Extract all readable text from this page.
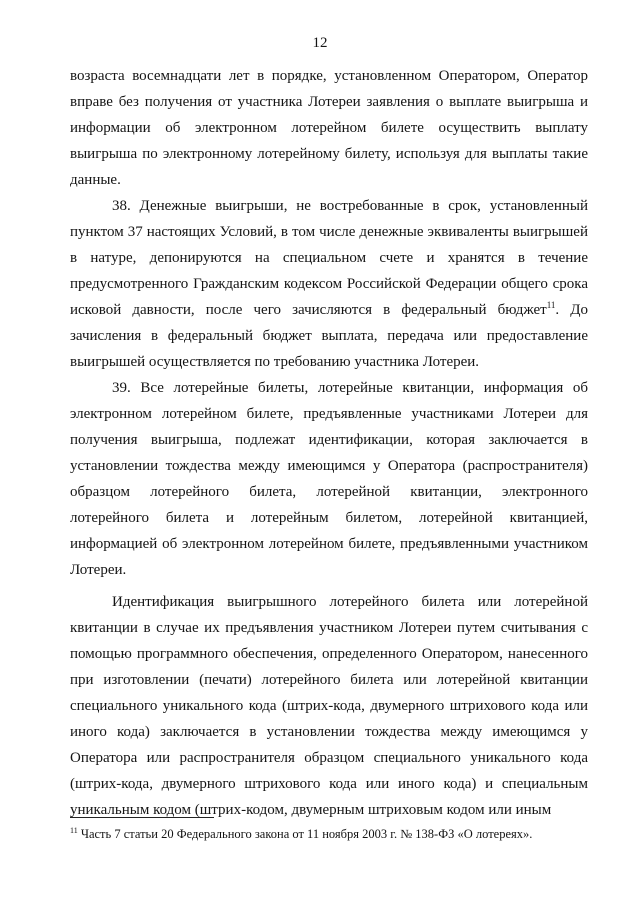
12

возраста восемнадцати лет в порядке, установленном Оператором, Оператор вправе без получения от участника Лотереи заявления о выплате выигрыша и информации об электронном лотерейном билете осуществить выплату выигрыша по электронному лотерейному билету, используя для выплаты такие данные.

38. Денежные выигрыши, не востребованные в срок, установленный пунктом 37 настоящих Условий, в том числе денежные эквиваленты выигрышей в натуре, депонируются на специальном счете и хранятся в течение предусмотренного Гражданским кодексом Российской Федерации общего срока исковой давности, после чего зачисляются в федеральный бюджет$^{11}$. До зачисления в федеральный бюджет выплата, передача или предоставление выигрышей осуществляется по требованию участника Лотереи.

39. Все лотерейные билеты, лотерейные квитанции, информация об электронном лотерейном билете, предъявленные участниками Лотереи для получения выигрыша, подлежат идентификации, которая заключается в установлении тождества между имеющимся у Оператора (распространителя) образцом лотерейного билета, лотерейной квитанции, электронного лотерейного билета и лотерейным билетом, лотерейной квитанцией, информацией об электронном лотерейном билете, предъявленными участником Лотереи.

Идентификация выигрышного лотерейного билета или лотерейной квитанции в случае их предъявления участником Лотереи путем считывания с помощью программного обеспечения, определенного Оператором, нанесенного при изготовлении (печати) лотерейного билета или лотерейной квитанции специального уникального кода (штрих-кода, двумерного штрихового кода или иного кода) заключается в установлении тождества между имеющимся у Оператора или распространителя образцом специального уникального кода (штрих-кода, двумерного штрихового кода или иного кода) и специальным уникальным кодом (штрих-кодом, двумерным штриховым кодом или иным

$^{11}$ Часть 7 статьи 20 Федерального закона от 11 ноября 2003 г. № 138-ФЗ «О лотереях».
